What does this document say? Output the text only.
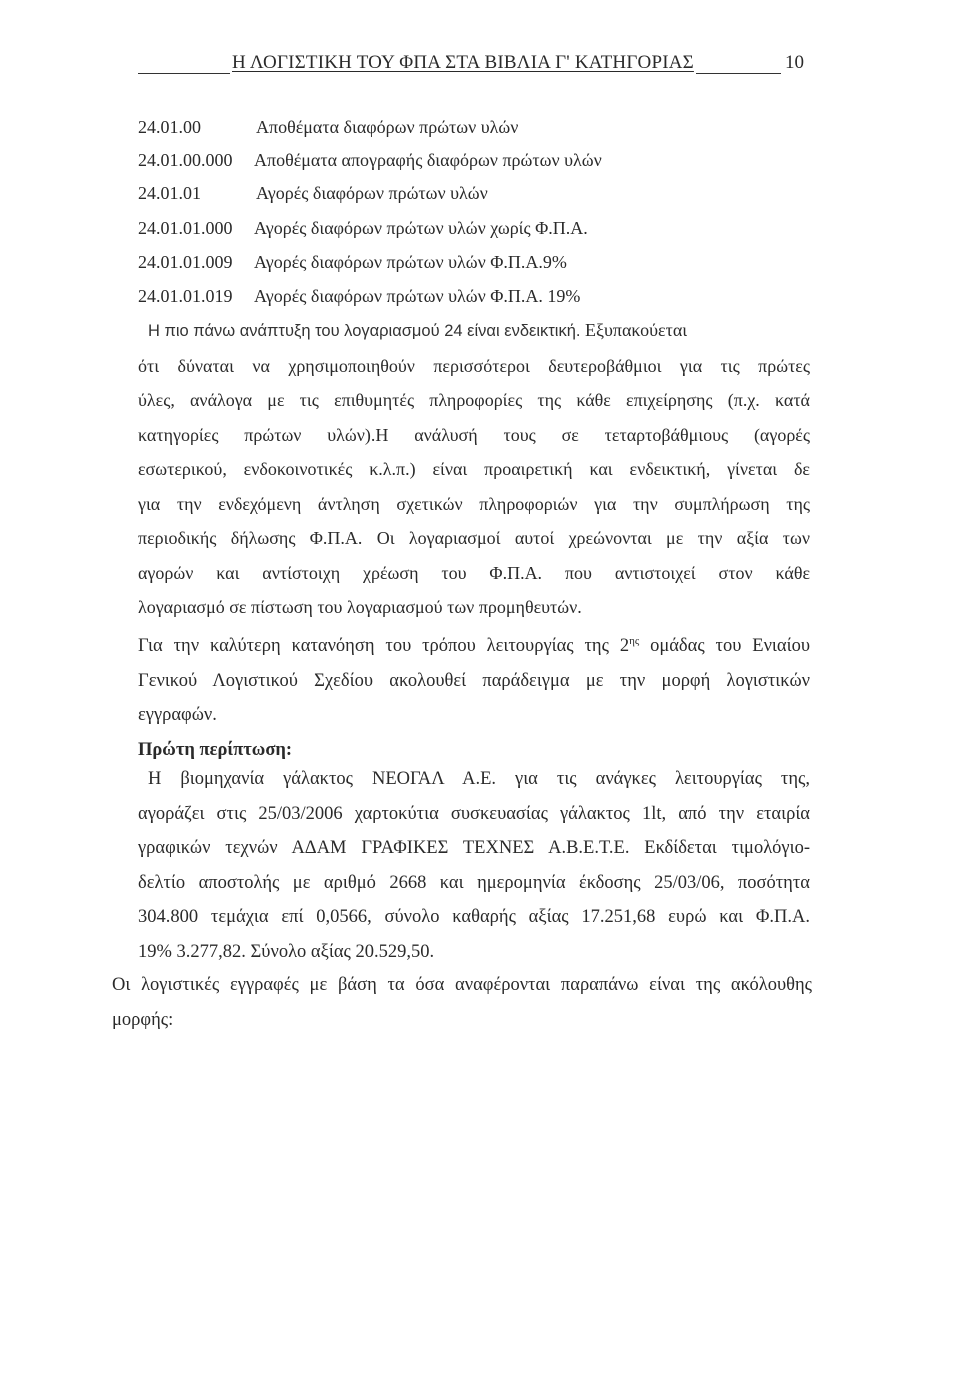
Η ΛΟΓΙΣΤΙΚΗ ΤΟΥ ΦΠΑ ΣΤΑ ΒΙΒΛΙΑ Γ' ΚΑΤΗΓΟΡΙΑΣ	10
24.01.00	Αποθέματα διαφόρων πρώτων υλών
24.01.00.000 Αποθέματα απογραφής διαφόρων πρώτων υλών
24.01.01	Αγορές διαφόρων πρώτων υλών
24.01.01.000 Αγορές διαφόρων πρώτων υλών χωρίς Φ.Π.Α.
24.01.01.009 Αγορές διαφόρων πρώτων υλών Φ.Π.Α.9%
24.01.01.019 Αγορές διαφόρων πρώτων υλών Φ.Π.Α. 19%
Η πιο πάνω ανάπτυξη του λογαριασμού 24 είναι ενδεικτική. Εξυπακούεται
ότι δύναται να χρησιμοποιηθούν περισσότεροι δευτεροβάθμιοι για τις πρώτες
ύλες, ανάλογα με τις επιθυμητές πληροφορίες της κάθε επιχείρησης (π.χ. κατά
κατηγορίες πρώτων υλών).Η ανάλυσή τους σε τεταρτοβάθμιους (αγορές
εσωτερικού, ενδοκοινοτικές κ.λ.π.) είναι προαιρετική και ενδεικτική, γίνεται δε
για την ενδεχόμενη άντληση σχετικών πληροφοριών για την συμπλήρωση της
περιοδικής δήλωσης Φ.Π.Α. Οι λογαριασμοί αυτοί χρεώνονται με την αξία των
αγορών και αντίστοιχη χρέωση του Φ.Π.Α. που αντιστοιχεί στον κάθε
λογαριασμό σε πίστωση του λογαριασμού των προμηθευτών.
Για την καλύτερη κατανόηση του τρόπου λειτουργίας της $2^{\eta\varsigma}$ ομάδας του Ενιαίου
Γενικού Λογιστικού Σχεδίου ακολουθεί παράδειγμα με την μορφή λογιστικών
εγγραφών.
Πρώτη περίπτωση:
Η βιομηχανία γάλακτος ΝΕΟΓΑΛ Α.Ε. για τις ανάγκες λειτουργίας της,
αγοράζει στις 25/03/2006 χαρτοκύτια συσκευασίας γάλακτος 1lt, από την εταιρία
γραφικών τεχνών ΑΔΑΜ ΓΡΑΦΙΚΕΣ ΤΕΧΝΕΣ Α.Β.Ε.Τ.Ε. Εκδίδεται τιμολόγιο-
δελτίο αποστολής με αριθμό 2668 και ημερομηνία έκδοσης 25/03/06, ποσότητα
304.800 τεμάχια επί 0,0566, σύνολο καθαρής αξίας 17.251,68 ευρώ και Φ.Π.Α.
19% 3.277,82. Σύνολο αξίας 20.529,50.
Οι λογιστικές εγγραφές με βάση τα όσα αναφέρονται παραπάνω είναι της ακόλουθης
μορφής:
